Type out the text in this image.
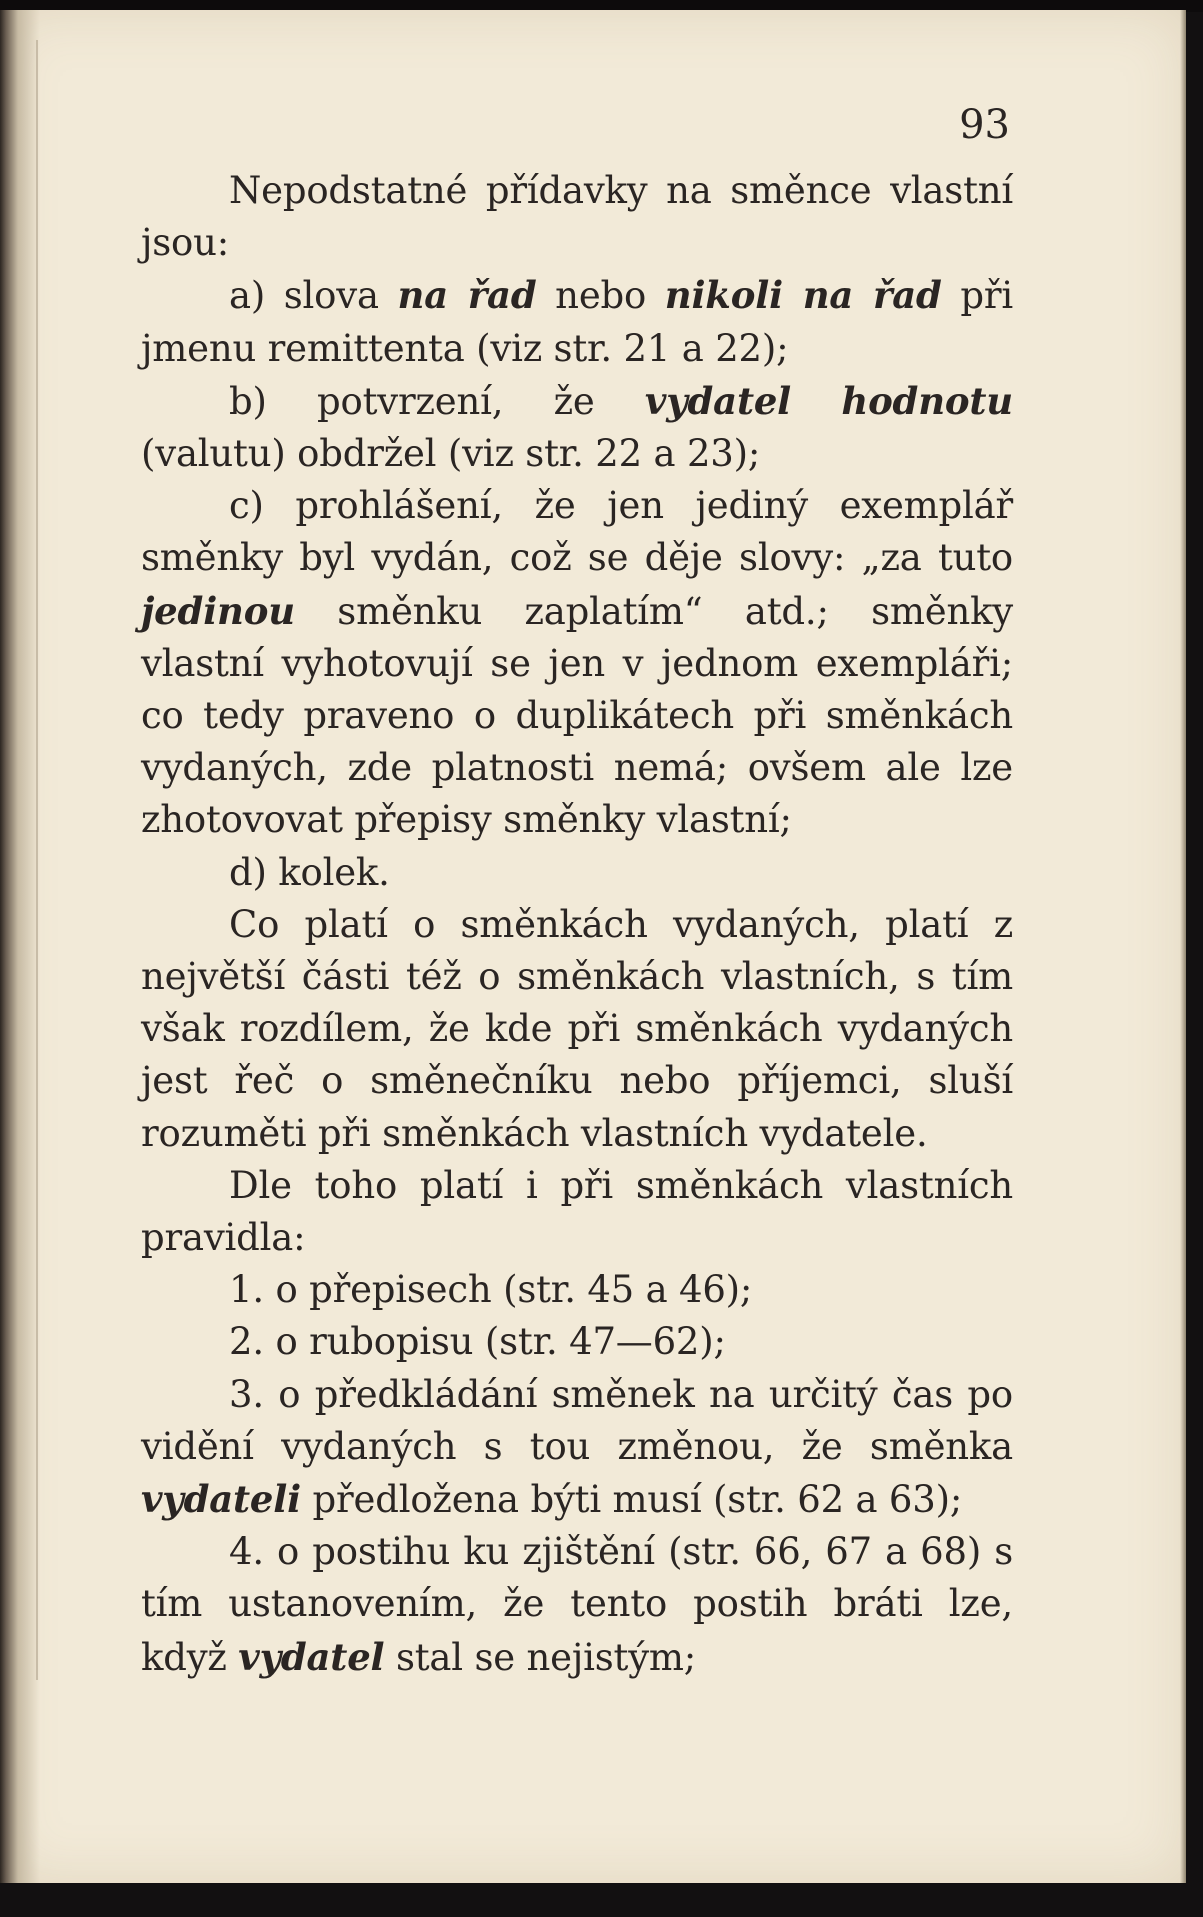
93

Nepodstatné přídavky na směnce vlastní jsou:

a) slova na řad nebo nikoli na řad při jmenu remittenta (viz str. 21 a 22);

b) potvrzení, že vydatel hodnotu (valutu) obdržel (viz str. 22 a 23);

c) prohlášení, že jen jediný exemplář směnky byl vydán, což se děje slovy: „za tuto jedinou směnku zaplatím“ atd.; směnky vlastní vyhotovují se jen v jednom exempláři; co tedy praveno o duplikátech při směnkách vydaných, zde platnosti nemá; ovšem ale lze zhotovovat přepisy směnky vlastní;

d) kolek.

Co platí o směnkách vydaných, platí z největší části též o směnkách vlastních, s tím však rozdílem, že kde při směnkách vydaných jest řeč o směnečníku nebo příjemci, sluší rozuměti při směnkách vlastních vydatele.

Dle toho platí i při směnkách vlastních pravidla:

1. o přepisech (str. 45 a 46);

2. o rubopisu (str. 47—62);

3. o předkládání směnek na určitý čas po vidění vydaných s tou změnou, že směnka vydateli předložena býti musí (str. 62 a 63);

4. o postihu ku zjištění (str. 66, 67 a 68) s tím ustanovením, že tento postih bráti lze, když vydatel stal se nejistým;
